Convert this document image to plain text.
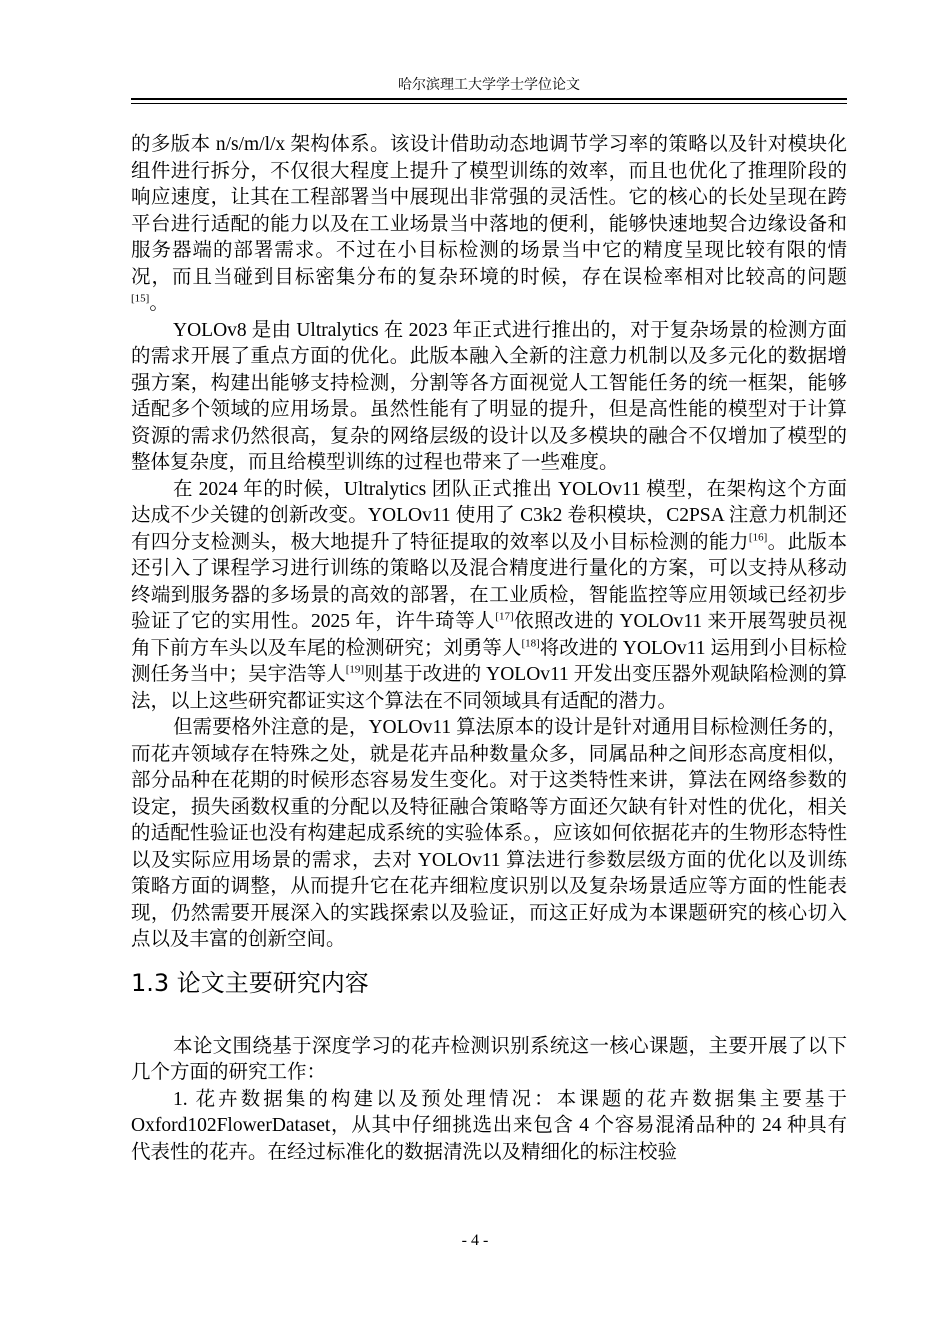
哈尔滨理工大学学士学位论文

的多版本 n/s/m/l/x 架构体系。该设计借助动态地调节学习率的策略以及针对模块化组件进行拆分，不仅很大程度上提升了模型训练的效率，而且也优化了推理阶段的响应速度，让其在工程部署当中展现出非常强的灵活性。它的核心的长处呈现在跨平台进行适配的能力以及在工业场景当中落地的便利，能够快速地契合边缘设备和服务器端的部署需求。不过在小目标检测的场景当中它的精度呈现比较有限的情况，而且当碰到目标密集分布的复杂环境的时候，存在误检率相对比较高的问题[15]。

YOLOv8 是由 Ultralytics 在 2023 年正式进行推出的，对于复杂场景的检测方面的需求开展了重点方面的优化。此版本融入全新的注意力机制以及多元化的数据增强方案，构建出能够支持检测，分割等各方面视觉人工智能任务的统一框架，能够适配多个领域的应用场景。虽然性能有了明显的提升，但是高性能的模型对于计算资源的需求仍然很高，复杂的网络层级的设计以及多模块的融合不仅增加了模型的整体复杂度，而且给模型训练的过程也带来了一些难度。

在 2024 年的时候，Ultralytics 团队正式推出 YOLOv11 模型，在架构这个方面达成不少关键的创新改变。YOLOv11 使用了 C3k2 卷积模块，C2PSA 注意力机制还有四分支检测头，极大地提升了特征提取的效率以及小目标检测的能力[16]。此版本还引入了课程学习进行训练的策略以及混合精度进行量化的方案，可以支持从移动终端到服务器的多场景的高效的部署，在工业质检，智能监控等应用领域已经初步验证了它的实用性。2025 年，许牛琦等人[17]依照改进的 YOLOv11 来开展驾驶员视角下前方车头以及车尾的检测研究；刘勇等人[18]将改进的 YOLOv11 运用到小目标检测任务当中；吴宇浩等人[19]则基于改进的 YOLOv11 开发出变压器外观缺陷检测的算法，以上这些研究都证实这个算法在不同领域具有适配的潜力。

但需要格外注意的是，YOLOv11 算法原本的设计是针对通用目标检测任务的，而花卉领域存在特殊之处，就是花卉品种数量众多，同属品种之间形态高度相似，部分品种在花期的时候形态容易发生变化。对于这类特性来讲，算法在网络参数的设定，损失函数权重的分配以及特征融合策略等方面还欠缺有针对性的优化，相关的适配性验证也没有构建起成系统的实验体系。，应该如何依据花卉的生物形态特性以及实际应用场景的需求，去对 YOLOv11 算法进行参数层级方面的优化以及训练策略方面的调整，从而提升它在花卉细粒度识别以及复杂场景适应等方面的性能表现，仍然需要开展深入的实践探索以及验证，而这正好成为本课题研究的核心切入点以及丰富的创新空间。

1.3 论文主要研究内容

本论文围绕基于深度学习的花卉检测识别系统这一核心课题，主要开展了以下几个方面的研究工作：

1. 花卉数据集的构建以及预处理情况：本课题的花卉数据集主要基于 Oxford102FlowerDataset，从其中仔细挑选出来包含 4 个容易混淆品种的 24 种具有代表性的花卉。在经过标准化的数据清洗以及精细化的标注校验

- 4 -
